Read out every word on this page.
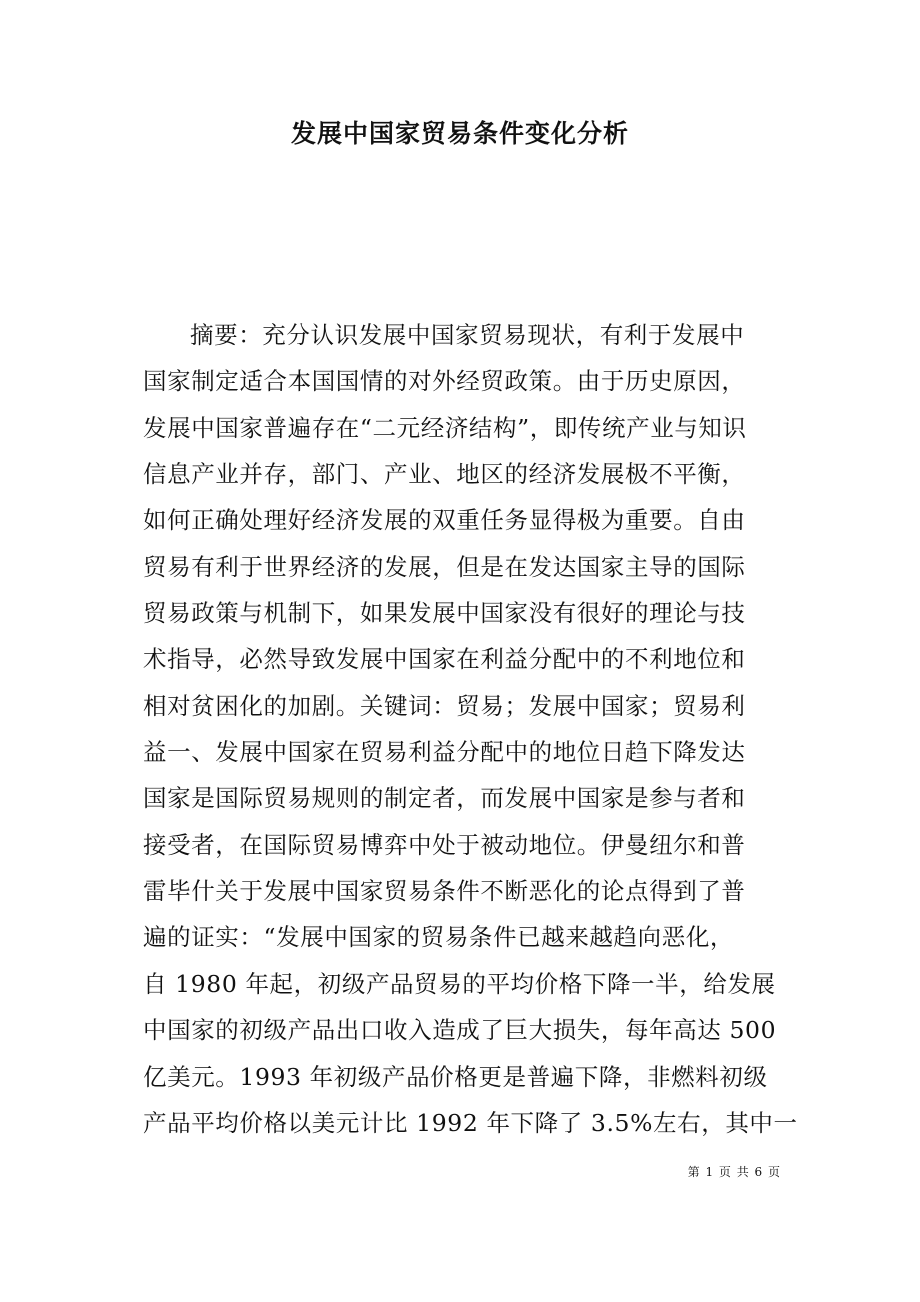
发展中国家贸易条件变化分析
摘要：充分认识发展中国家贸易现状，有利于发展中
国家制定适合本国国情的对外经贸政策。由于历史原因，
发展中国家普遍存在“二元经济结构”，即传统产业与知识
信息产业并存，部门、产业、地区的经济发展极不平衡，
如何正确处理好经济发展的双重任务显得极为重要。自由
贸易有利于世界经济的发展，但是在发达国家主导的国际
贸易政策与机制下，如果发展中国家没有很好的理论与技
术指导，必然导致发展中国家在利益分配中的不利地位和
相对贫困化的加剧。关键词：贸易；发展中国家；贸易利
益一、发展中国家在贸易利益分配中的地位日趋下降发达
国家是国际贸易规则的制定者，而发展中国家是参与者和
接受者，在国际贸易博弈中处于被动地位。伊曼纽尔和普
雷毕什关于发展中国家贸易条件不断恶化的论点得到了普
遍的证实：“发展中国家的贸易条件已越来越趋向恶化，
自 1980 年起，初级产品贸易的平均价格下降一半，给发展
中国家的初级产品出口收入造成了巨大损失，每年高达 500
亿美元。1993 年初级产品价格更是普遍下降，非燃料初级
产品平均价格以美元计比 1992 年下降了 3.5%左右，其中一
第 1 页 共 6 页
